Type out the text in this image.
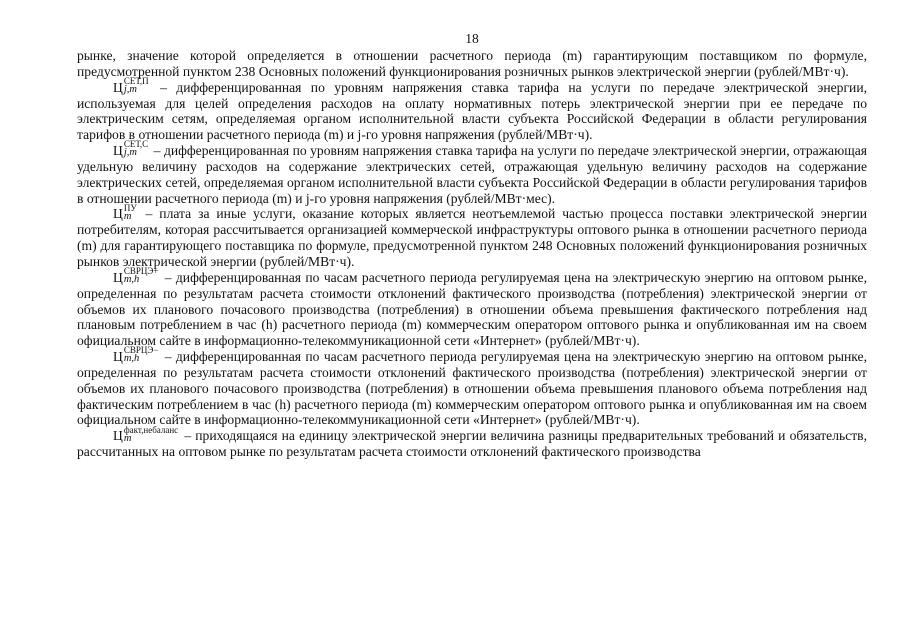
18

рынке, значение которой определяется в отношении расчетного периода (m) гарантирующим поставщиком по формуле, предусмотренной пунктом 238 Основных положений функционирования розничных рынков электрической энергии (рублей/МВт·ч).

Ц СЕТ,П
j,m	– дифференцированная по уровням напряжения ставка тарифа на услуги по передаче электрической энергии, используемая для целей определения расходов на оплату нормативных потерь электрической энергии при ее передаче по электрическим сетям, определяемая органом исполнительной власти субъекта Российской Федерации в области регулирования тарифов в отношении расчетного периода (m) и j-го уровня напряжения (рублей/МВт·ч).

Ц СЕТ,С
j,m – дифференцированная по уровням напряжения ставка тарифа на услуги по передаче электрической энергии, отражающая удельную величину расходов на содержание электрических сетей, отражающая удельную величину расходов на содержание электрических сетей, определяемая органом исполнительной власти субъекта Российской Федерации в области регулирования тарифов в отношении расчетного периода (m) и j-го уровня напряжения (рублей/МВт·мес).

Ц ПУ
m – плата за иные услуги, оказание которых является неотъемлемой частью процесса поставки электрической энергии потребителям, которая рассчитывается организацией коммерческой инфраструктуры оптового рынка в отношении расчетного периода (m) для гарантирующего поставщика по формуле, предусмотренной пунктом 248 Основных положений функционирования розничных рынков электрической энергии (рублей/МВт·ч).

Ц СВРЦЭ+
m,h	– дифференцированная по часам расчетного периода регулируемая цена на электрическую энергию на оптовом рынке, определенная по результатам расчета стоимости отклонений фактического производства (потребления) электрической энергии от объемов их планового почасового производства (потребления) в отношении объема превышения фактического потребления над плановым потреблением в час (h) расчетного периода (m) коммерческим оператором оптового рынка и опубликованная им на своем официальном сайте в информационно-телекоммуникационной сети «Интернет» (рублей/МВт·ч).

Ц СВРЦЭ−
m,h	– дифференцированная по часам расчетного периода регулируемая цена на электрическую энергию на оптовом рынке, определенная по результатам расчета стоимости отклонений фактического производства (потребления) электрической энергии от объемов их планового почасового производства (потребления) в отношении объема превышения планового объема потребления над фактическим потреблением в час (h) расчетного периода (m) коммерческим оператором оптового рынка и опубликованная им на своем официальном сайте в информационно-телекоммуникационной сети «Интернет» (рублей/МВт·ч).

Ц факт,небаланс
m	– приходящаяся на единицу электрической энергии величина разницы предварительных требований и обязательств, рассчитанных на оптовом рынке по результатам расчета стоимости отклонений фактического производства
